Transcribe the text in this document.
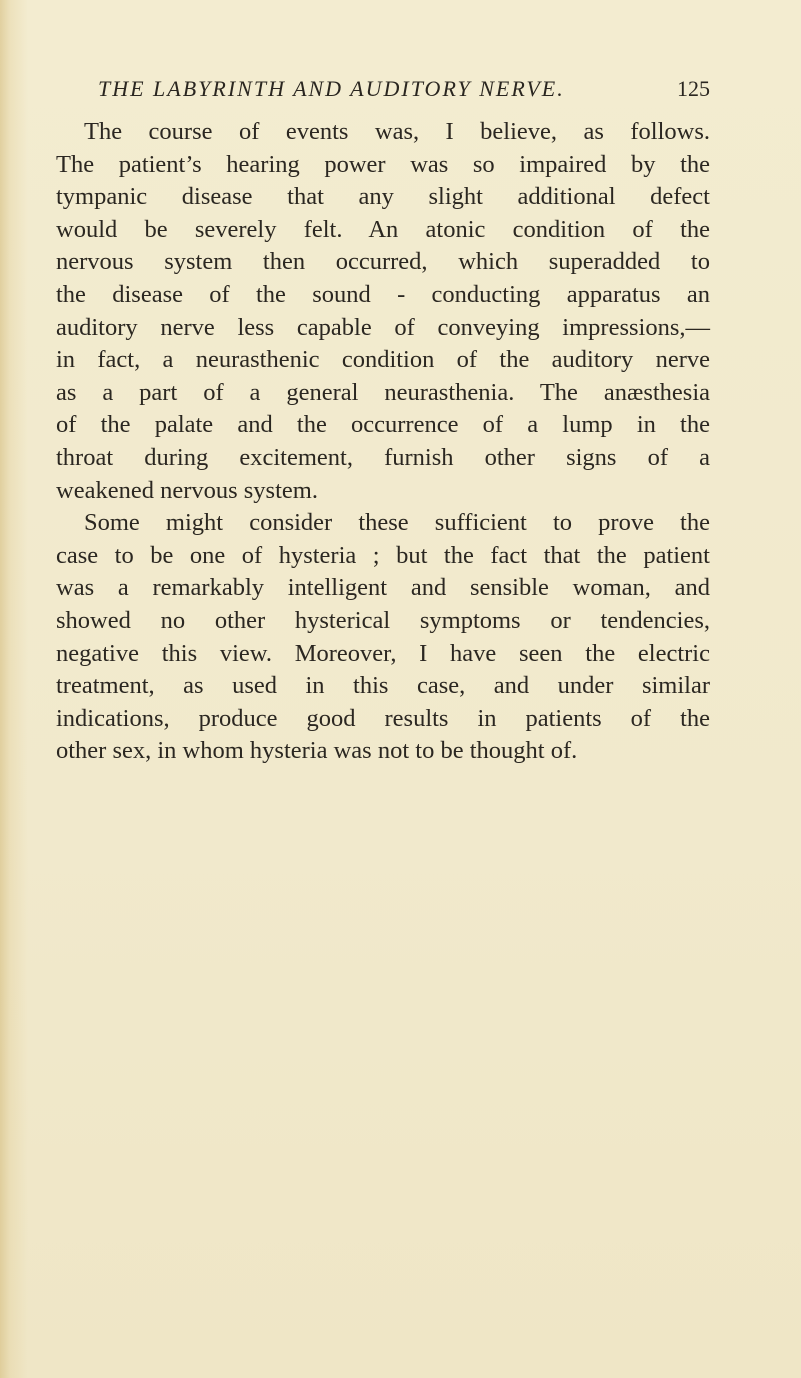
THE LABYRINTH AND AUDITORY NERVE.	125
The course of events was, I believe, as follows.
The patient’s hearing power was so impaired by the
tympanic disease that any slight additional defect
would be severely felt. An atonic condition of the
nervous system then occurred, which superadded to
the disease of the sound - conducting apparatus an
auditory nerve less capable of conveying impressions,—
in fact, a neurasthenic condition of the auditory nerve
as a part of a general neurasthenia. The anæsthesia
of the palate and the occurrence of a lump in the
throat during excitement, furnish other signs of a
weakened nervous system.
Some might consider these sufficient to prove the
case to be one of hysteria ; but the fact that the patient
was a remarkably intelligent and sensible woman, and
showed no other hysterical symptoms or tendencies,
negative this view. Moreover, I have seen the electric
treatment, as used in this case, and under similar
indications, produce good results in patients of the
other sex, in whom hysteria was not to be thought of.
